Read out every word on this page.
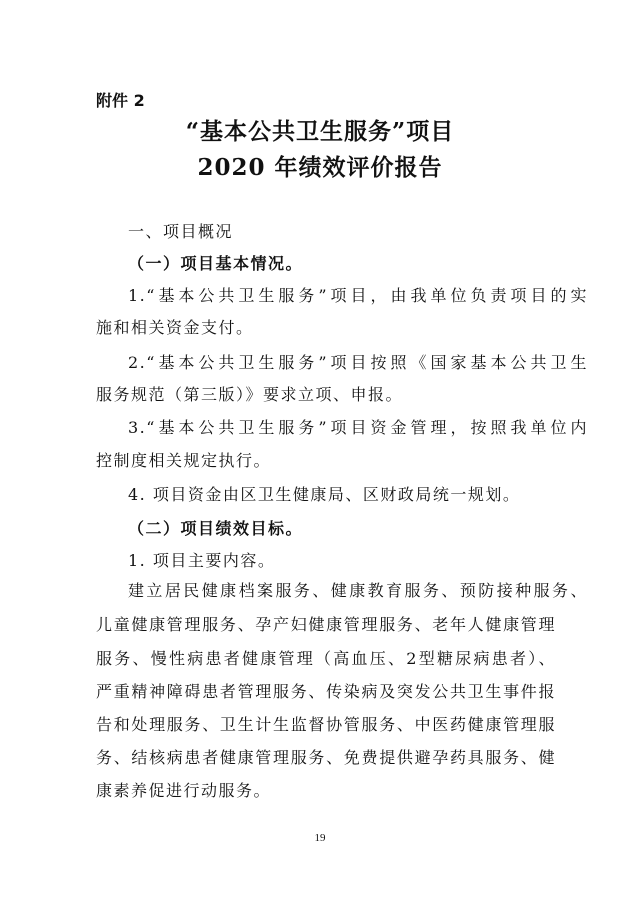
附件 2
“基本公共卫生服务”项目
2020 年绩效评价报告
一、项目概况
（一）项目基本情况。
1.“基本公共卫生服务”项目，由我单位负责项目的实
施和相关资金支付。
2.“基本公共卫生服务”项目按照《国家基本公共卫生
服务规范（第三版）》要求立项、申报。
3.“基本公共卫生服务”项目资金管理，按照我单位内
控制度相关规定执行。
4. 项目资金由区卫生健康局、区财政局统一规划。
（二）项目绩效目标。
1. 项目主要内容。
建立居民健康档案服务、健康教育服务、预防接种服务、
儿童健康管理服务、孕产妇健康管理服务、老年人健康管理
服务、慢性病患者健康管理（高血压、2型糖尿病患者）、
严重精神障碍患者管理服务、传染病及突发公共卫生事件报
告和处理服务、卫生计生监督协管服务、中医药健康管理服
务、结核病患者健康管理服务、免费提供避孕药具服务、健
康素养促进行动服务。
19
